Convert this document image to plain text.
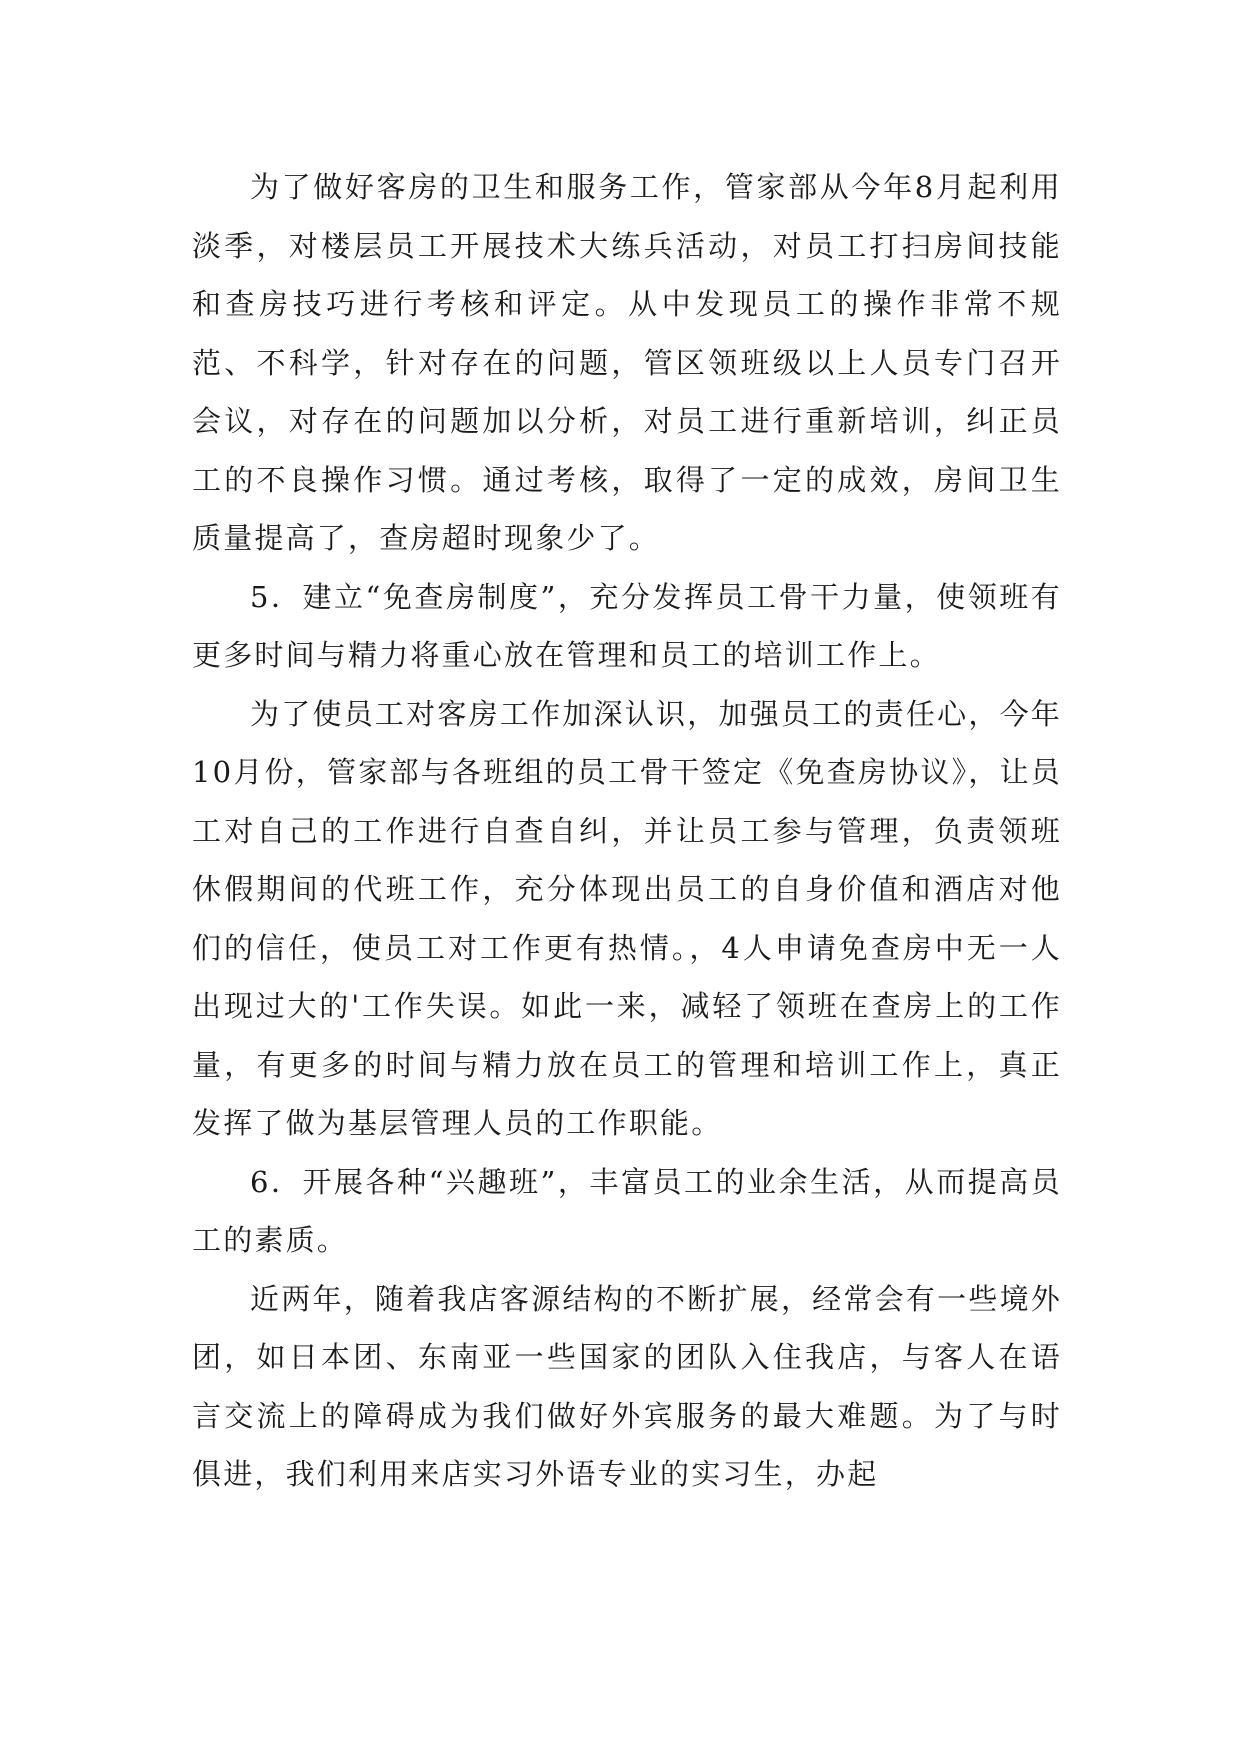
为了做好客房的卫生和服务工作，管家部从今年8月起利用淡季，对楼层员工开展技术大练兵活动，对员工打扫房间技能和查房技巧进行考核和评定。从中发现员工的操作非常不规范、不科学，针对存在的问题，管区领班级以上人员专门召开会议，对存在的问题加以分析，对员工进行重新培训，纠正员工的不良操作习惯。通过考核，取得了一定的成效，房间卫生质量提高了，查房超时现象少了。

5．建立“免查房制度”，充分发挥员工骨干力量，使领班有更多时间与精力将重心放在管理和员工的培训工作上。

为了使员工对客房工作加深认识，加强员工的责任心，今年10月份，管家部与各班组的员工骨干签定《免查房协议》，让员工对自己的工作进行自查自纠，并让员工参与管理，负责领班休假期间的代班工作，充分体现出员工的自身价值和酒店对他们的信任，使员工对工作更有热情。，4人申请免查房中无一人出现过大的'工作失误。如此一来，减轻了领班在查房上的工作量，有更多的时间与精力放在员工的管理和培训工作上，真正发挥了做为基层管理人员的工作职能。

6．开展各种“兴趣班”，丰富员工的业余生活，从而提高员工的素质。

近两年，随着我店客源结构的不断扩展，经常会有一些境外团，如日本团、东南亚一些国家的团队入住我店，与客人在语言交流上的障碍成为我们做好外宾服务的最大难题。为了与时俱进，我们利用来店实习外语专业的实习生，办起
